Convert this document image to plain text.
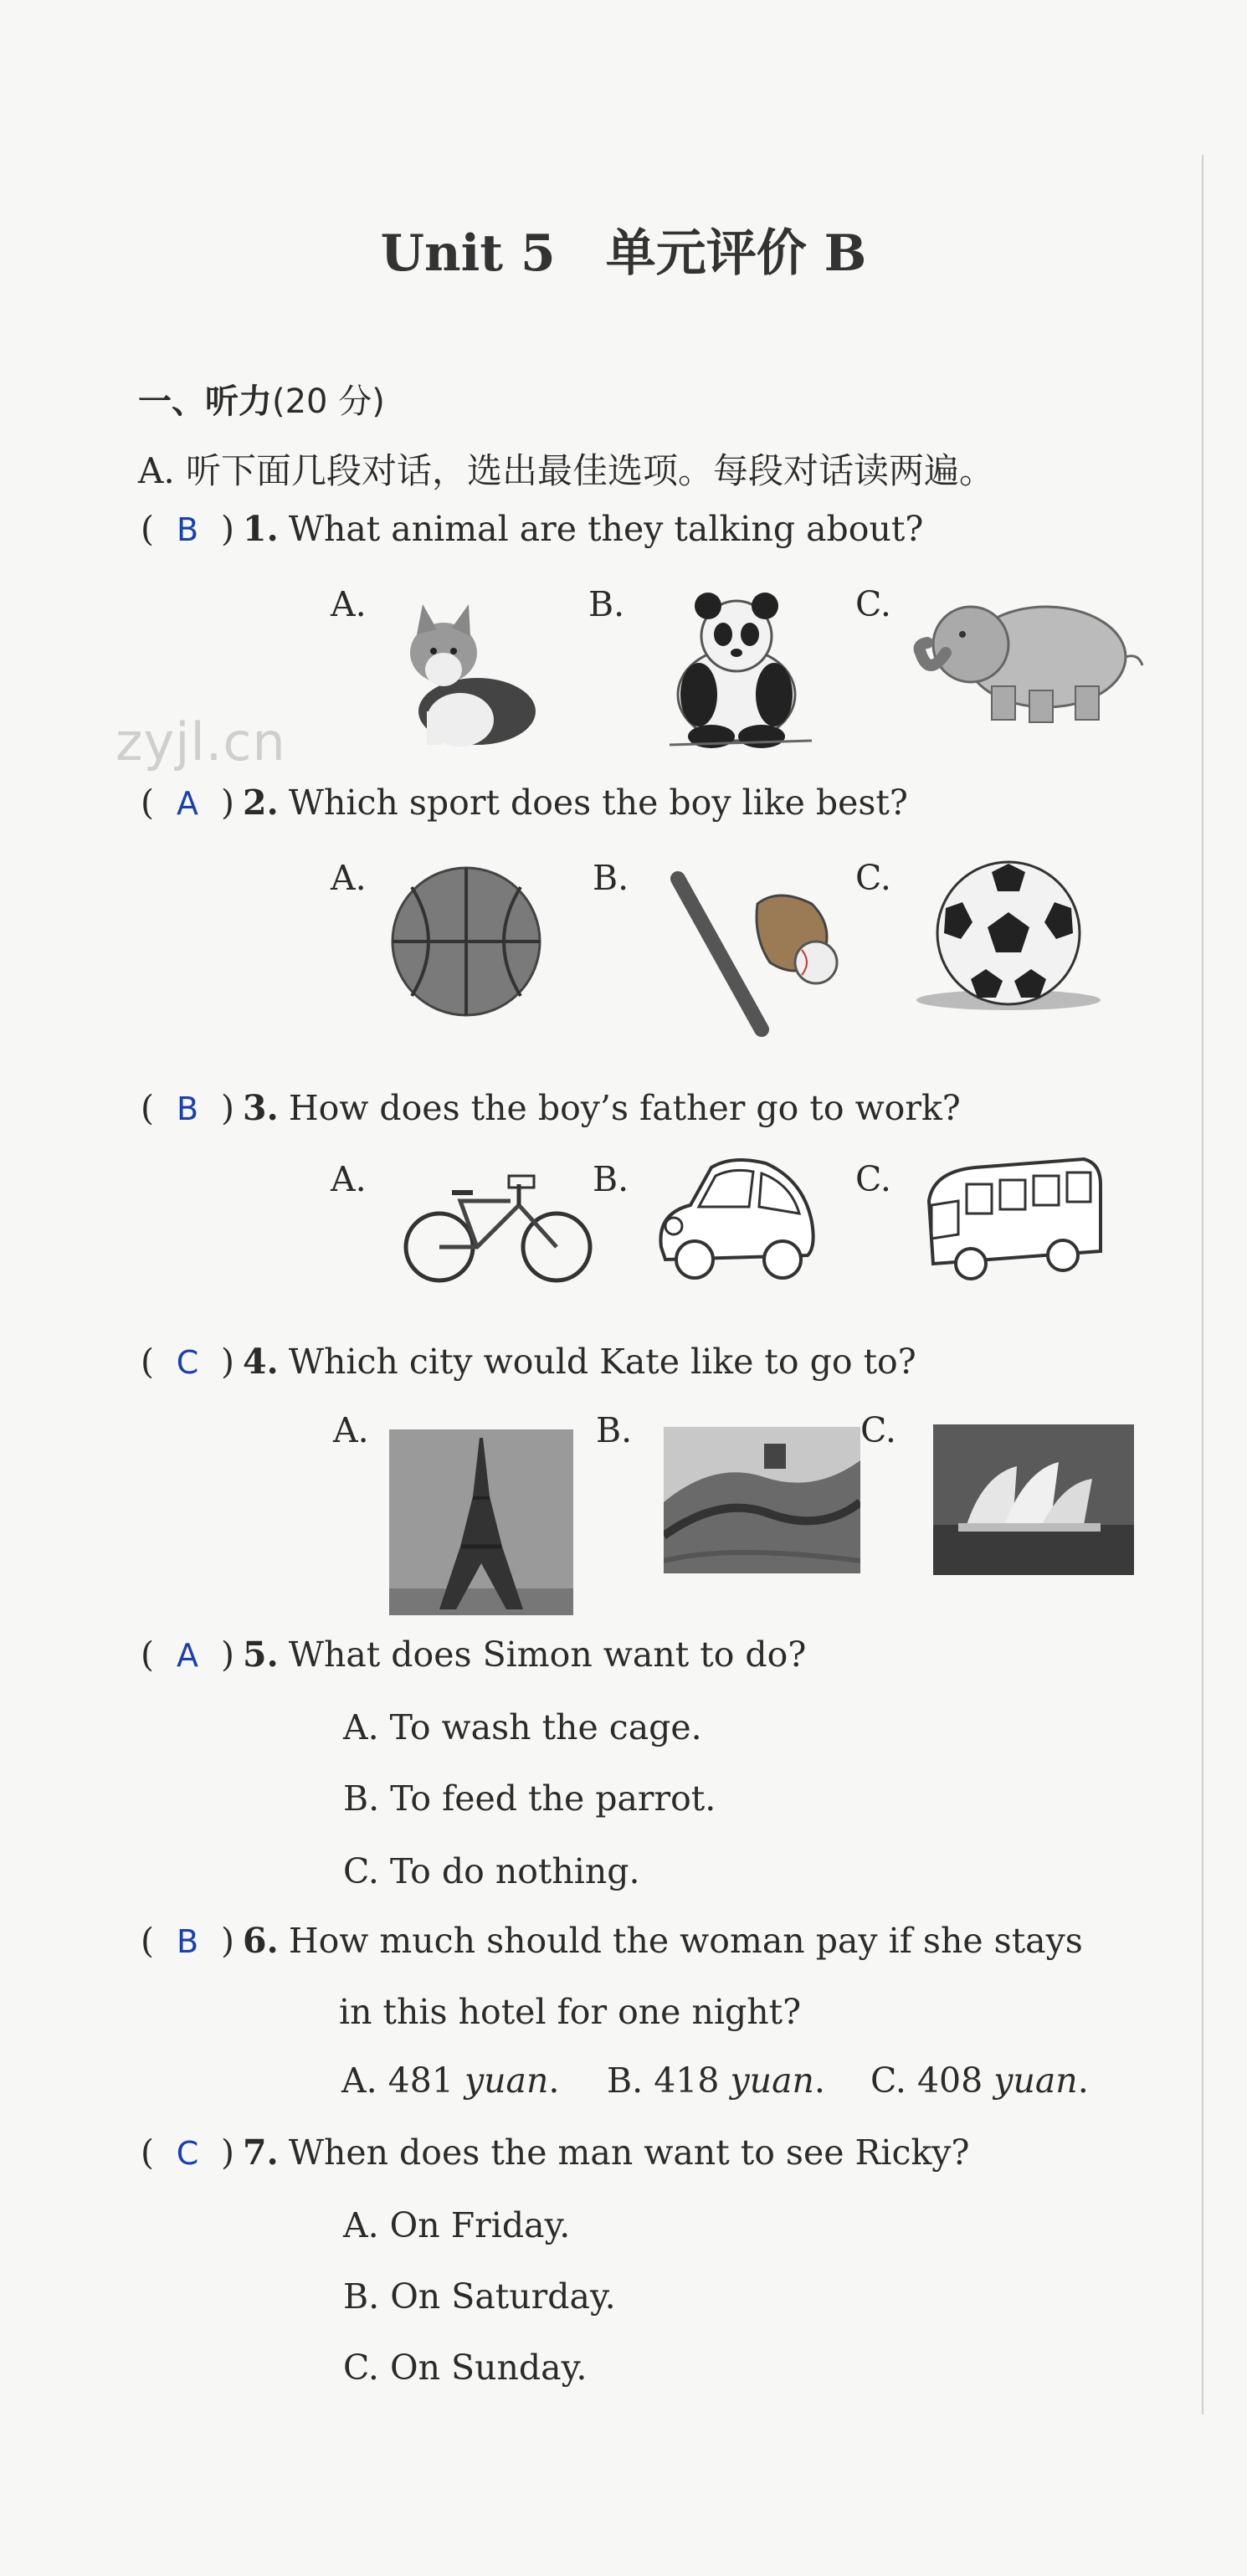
zyjl.cn
Unit 5　单元评价 B
一、听力(20 分)
A. 听下面几段对话，选出最佳选项。每段对话读两遍。
( B ) 1. What animal are they talking about?
A.	B.	C.
( A ) 2. Which sport does the boy like best?
A.	B.	C.
( B ) 3. How does the boy’s father go to work?
A.	B.	C.
( C ) 4. Which city would Kate like to go to?
A.	B.	C.
( A ) 5. What does Simon want to do?
A. To wash the cage.
B. To feed the parrot.
C. To do nothing.
( B ) 6. How much should the woman pay if she stays
in this hotel for one night?
A. 481 yuan. B. 418 yuan. C. 408 yuan.
( C ) 7. When does the man want to see Ricky?
A. On Friday.
B. On Saturday.
C. On Sunday.
